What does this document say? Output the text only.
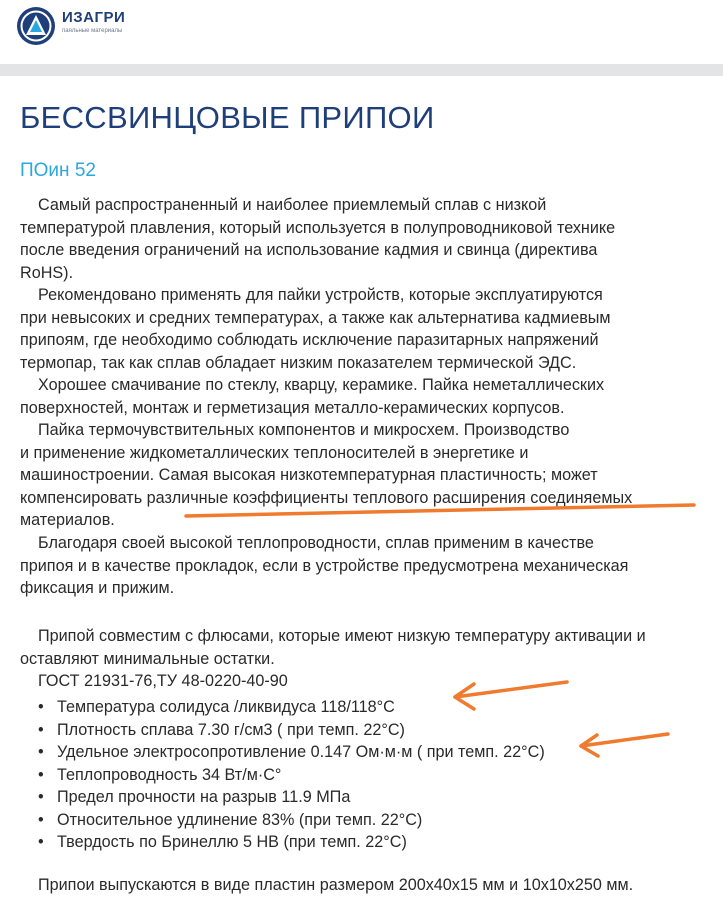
ИЗАГРИ
паяльные материалы
БЕССВИНЦОВЫЕ ПРИПОИ
ПОин 52

Самый распространенный и наиболее приемлемый сплав с низкой

температурой плавления, который используется в полупроводниковой технике

после введения ограничений на использование кадмия и свинца (директива

RoHS).

Рекомендовано применять для пайки устройств, которые эксплуатируются

при невысоких и средних температурах, а также как альтернатива кадмиевым

припоям, где необходимо соблюдать исключение паразитарных напряжений

термопар, так как сплав обладает низким показателем термической ЭДС.

Хорошее смачивание по стеклу, кварцу, керамике. Пайка неметаллических

поверхностей, монтаж и герметизация металло-керамических корпусов.

Пайка термочувствительных компонентов и микросхем. Производство

и применение жидкометаллических теплоносителей в энергетике и

машиностроении. Самая высокая низкотемпературная пластичность; может

компенсировать различные коэффициенты теплового расширения соединяемых

материалов.

Благодаря своей высокой теплопроводности, сплав применим в качестве

припоя и в качестве прокладок, если в устройстве предусмотрена механическая

фиксация и прижим.

Припой совместим с флюсами, которые имеют низкую температуру активации и

оставляют минимальные остатки.

ГОСТ 21931-76,ТУ 48-0220-40-90

• Температура солидуса /ликвидуса 118/118°C
• Плотность сплава 7.30 г/см3 ( при темп. 22°C)
• Удельное электросопротивление 0.147 Ом·м·м ( при темп. 22°C)
• Теплопроводность 34 Вт/м·С°
• Предел прочности на разрыв 11.9 МПа
• Относительное удлинение 83% (при темп. 22°C)
• Твердость по Бринеллю 5 НВ (при темп. 22°C)

Припои выпускаются в виде пластин размером 200x40x15 мм и 10x10x250 мм.
